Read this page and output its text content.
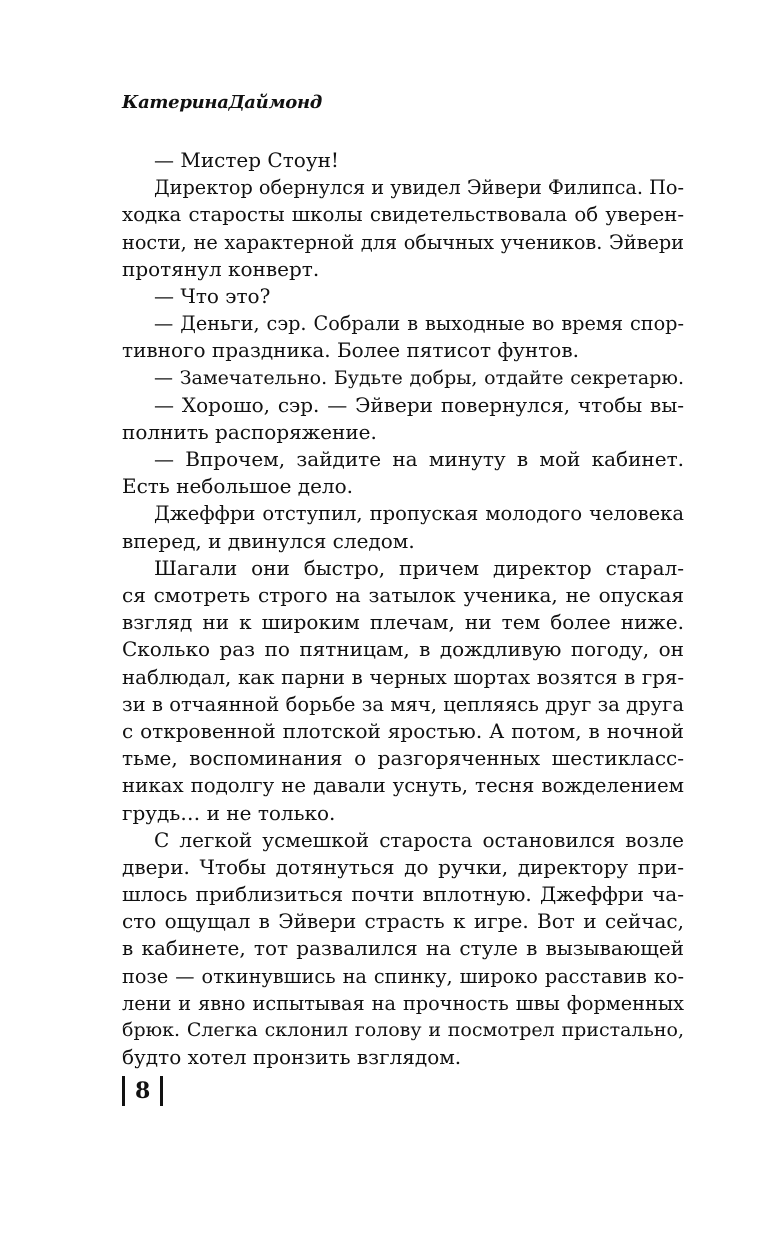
КатеринаДаймонд
— Мистер Стоун!
Директор обернулся и увидел Эйвери Филипса. По-
ходка старосты школы свидетельствовала об уверен-
ности, не характерной для обычных учеников. Эйвери
протянул конверт.
— Что это?
— Деньги, сэр. Собрали в выходные во время спор-
тивного праздника. Более пятисот фунтов.
— Замечательно. Будьте добры, отдайте секретарю.
— Хорошо, сэр. — Эйвери повернулся, чтобы вы-
полнить распоряжение.
— Впрочем, зайдите на минуту в мой кабинет.
Есть небольшое дело.
Джеффри отступил, пропуская молодого человека
вперед, и двинулся следом.
Шагали они быстро, причем директор старал-
ся смотреть строго на затылок ученика, не опуская
взгляд ни к широким плечам, ни тем более ниже.
Сколько раз по пятницам, в дождливую погоду, он
наблюдал, как парни в черных шортах возятся в гря-
зи в отчаянной борьбе за мяч, цепляясь друг за друга
с откровенной плотской яростью. А потом, в ночной
тьме, воспоминания о разгоряченных шестикласс-
никах подолгу не давали уснуть, тесня вожделением
грудь… и не только.
С легкой усмешкой староста остановился возле
двери. Чтобы дотянуться до ручки, директору при-
шлось приблизиться почти вплотную. Джеффри ча-
сто ощущал в Эйвери страсть к игре. Вот и сейчас,
в кабинете, тот развалился на стуле в вызывающей
позе — откинувшись на спинку, широко расставив ко-
лени и явно испытывая на прочность швы форменных
брюк. Слегка склонил голову и посмотрел пристально,
будто хотел пронзить взглядом.
8
